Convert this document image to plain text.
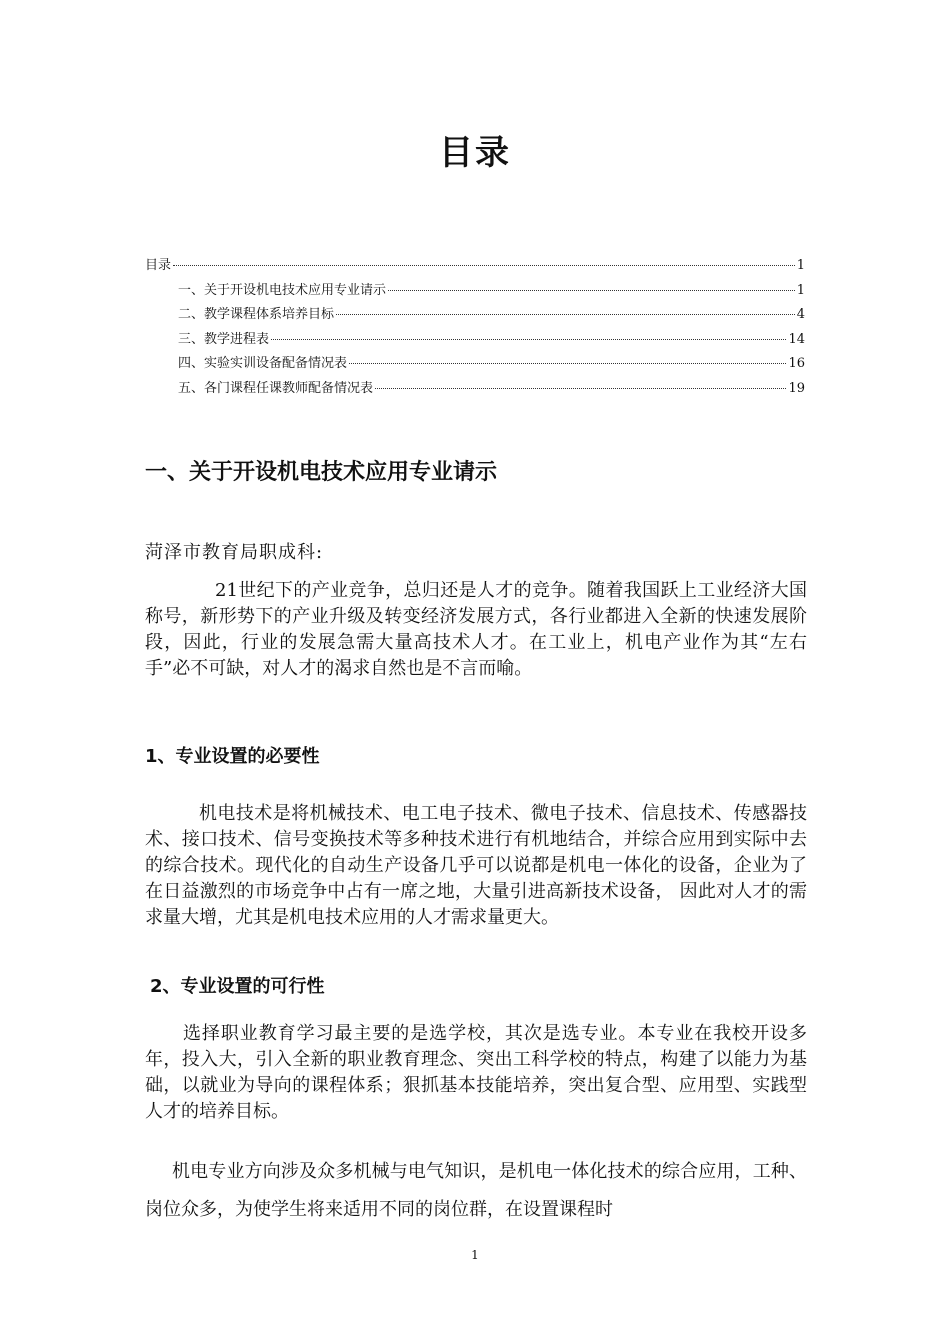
目录
目录	1
一、关于开设机电技术应用专业请示	1
二、教学课程体系培养目标	4
三、教学进程表	14
四、实验实训设备配备情况表	16
五、各门课程任课教师配备情况表	19
一、关于开设机电技术应用专业请示
菏泽市教育局职成科:

21世纪下的产业竞争，总归还是人才的竞争。随着我国跃上工业经济大国称号，新形势下的产业升级及转变经济发展方式，各行业都进入全新的快速发展阶段，因此，行业的发展急需大量高技术人才。在工业上，机电产业作为其“左右手”必不可缺，对人才的渴求自然也是不言而喻。

1、专业设置的必要性

机电技术是将机械技术、电工电子技术、微电子技术、信息技术、传感器技术、接口技术、信号变换技术等多种技术进行有机地结合，并综合应用到实际中去的综合技术。现代化的自动生产设备几乎可以说都是机电一体化的设备，企业为了在日益激烈的市场竞争中占有一席之地，大量引进高新技术设备， 因此对人才的需求量大增，尤其是机电技术应用的人才需求量更大。

2、专业设置的可行性

选择职业教育学习最主要的是选学校，其次是选专业。本专业在我校开设多年，投入大，引入全新的职业教育理念、突出工科学校的特点，构建了以能力为基础，以就业为导向的课程体系；狠抓基本技能培养，突出复合型、应用型、实践型人才的培养目标。

机电专业方向涉及众多机械与电气知识，是机电一体化技术的综合应用，工种、岗位众多，为使学生将来适用不同的岗位群，在设置课程时

1
